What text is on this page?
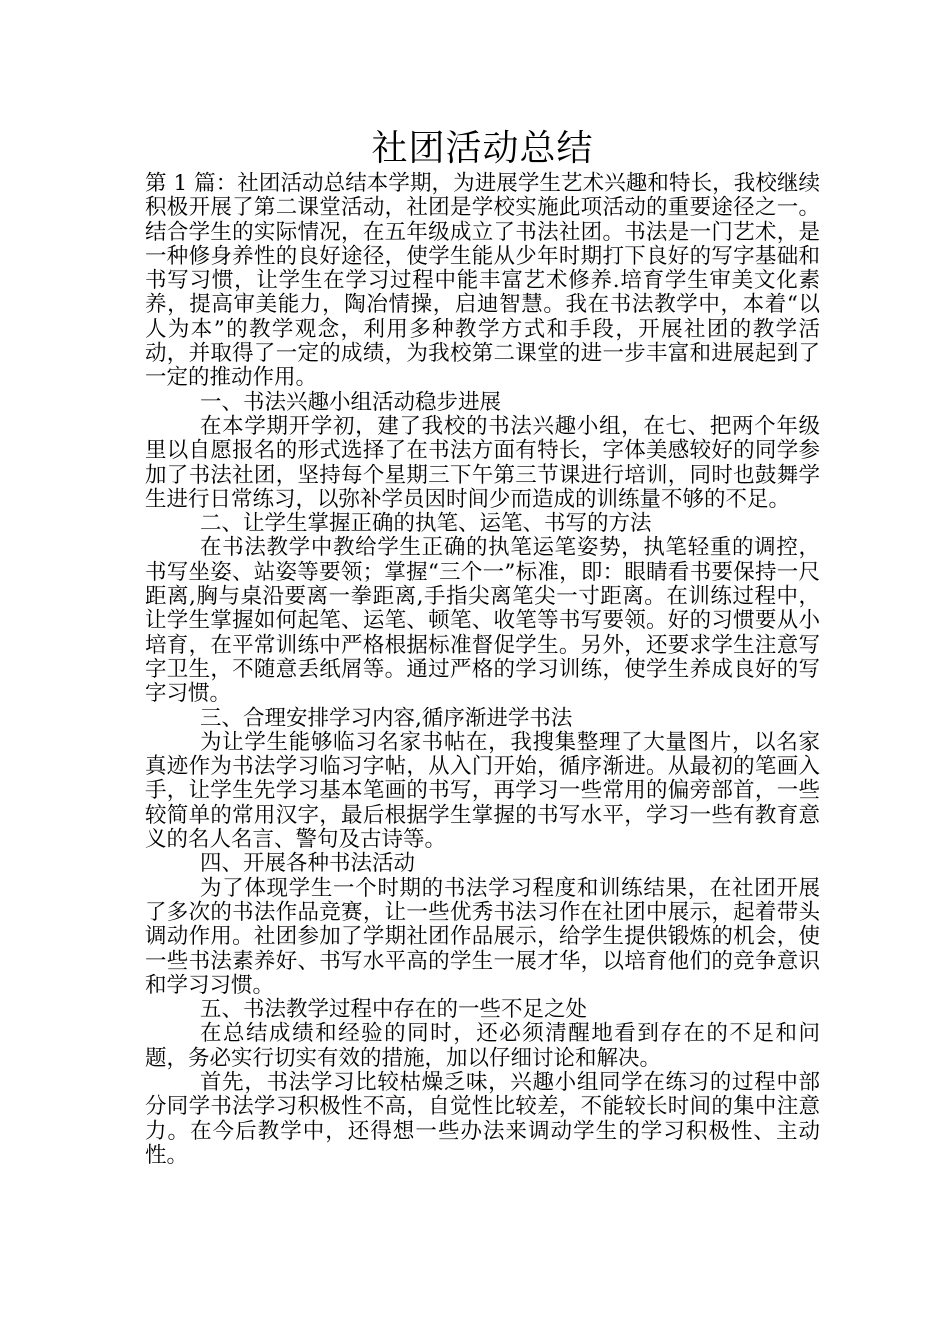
社团活动总结

第 1 篇：社团活动总结本学期，为进展学生艺术兴趣和特长，我校继续积极开展了第二课堂活动，社团是学校实施此项活动的重要途径之一。结合学生的实际情况，在五年级成立了书法社团。书法是一门艺术，是一种修身养性的良好途径，使学生能从少年时期打下良好的写字基础和书写习惯，让学生在学习过程中能丰富艺术修养.培育学生审美文化素养，提高审美能力，陶冶情操，启迪智慧。我在书法教学中，本着“以人为本”的教学观念，利用多种教学方式和手段，开展社团的教学活动，并取得了一定的成绩，为我校第二课堂的进一步丰富和进展起到了一定的推动作用。

一、书法兴趣小组活动稳步进展

在本学期开学初，建了我校的书法兴趣小组，在七、把两个年级里以自愿报名的形式选择了在书法方面有特长，字体美感较好的同学参加了书法社团，坚持每个星期三下午第三节课进行培训，同时也鼓舞学生进行日常练习，以弥补学员因时间少而造成的训练量不够的不足。

二、让学生掌握正确的执笔、运笔、书写的方法

在书法教学中教给学生正确的执笔运笔姿势，执笔轻重的调控，书写坐姿、站姿等要领；掌握“三个一”标准，即：眼睛看书要保持一尺距离,胸与桌沿要离一拳距离,手指尖离笔尖一寸距离。在训练过程中，让学生掌握如何起笔、运笔、顿笔、收笔等书写要领。好的习惯要从小培育，在平常训练中严格根据标准督促学生。另外，还要求学生注意写字卫生，不随意丢纸屑等。通过严格的学习训练，使学生养成良好的写字习惯。

三、合理安排学习内容,循序渐进学书法

为让学生能够临习名家书帖在，我搜集整理了大量图片，以名家真迹作为书法学习临习字帖，从入门开始，循序渐进。从最初的笔画入手，让学生先学习基本笔画的书写，再学习一些常用的偏旁部首，一些较简单的常用汉字，最后根据学生掌握的书写水平，学习一些有教育意义的名人名言、警句及古诗等。

四、开展各种书法活动

为了体现学生一个时期的书法学习程度和训练结果，在社团开展了多次的书法作品竞赛，让一些优秀书法习作在社团中展示，起着带头调动作用。社团参加了学期社团作品展示，给学生提供锻炼的机会，使一些书法素养好、书写水平高的学生一展才华，以培育他们的竞争意识和学习习惯。

五、书法教学过程中存在的一些不足之处

在总结成绩和经验的同时，还必须清醒地看到存在的不足和问题，务必实行切实有效的措施，加以仔细讨论和解决。

首先，书法学习比较枯燥乏味，兴趣小组同学在练习的过程中部分同学书法学习积极性不高，自觉性比较差，不能较长时间的集中注意力。在今后教学中，还得想一些办法来调动学生的学习积极性、主动性。
